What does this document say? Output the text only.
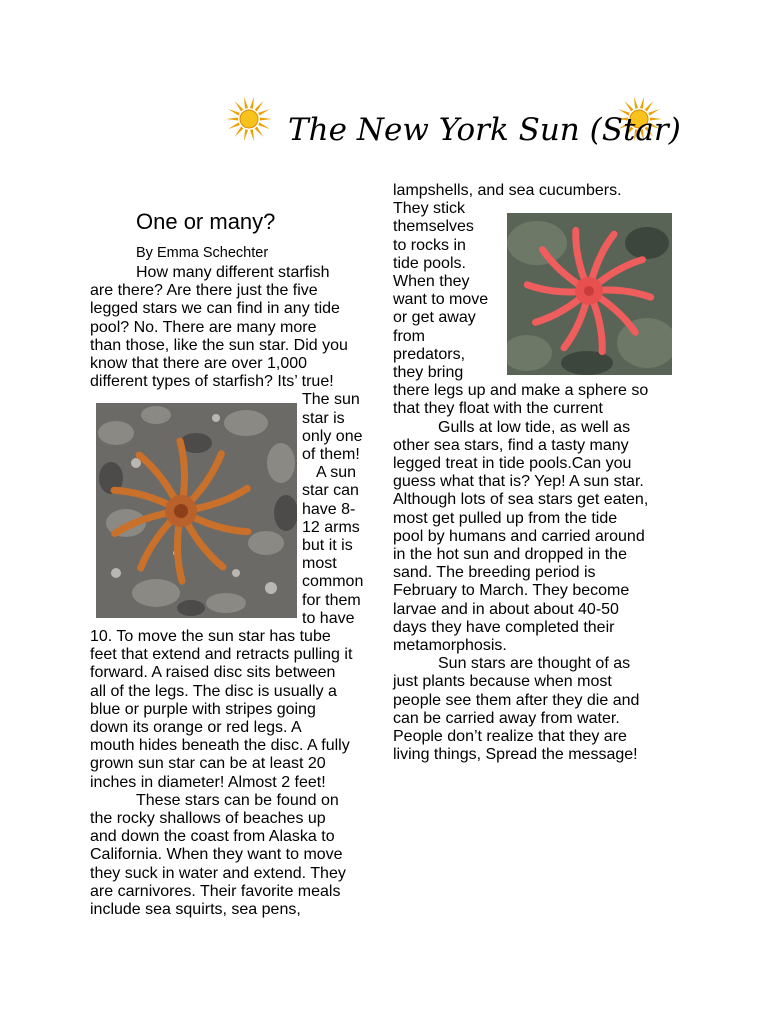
The New York Sun (Star)
One or many?
By Emma Schechter
How many different starfish
are there? Are there just the five
legged stars we can find in any tide
pool? No. There are many more
than those, like the sun star. Did you
know that there are over 1,000
different types of starfish? Its’ true!
The sun
star is
only one
of them!
A sun
star can
have 8-
12 arms
but it is
most
common
for them
to have
10. To move the sun star has tube
feet that extend and retracts pulling it
forward. A raised disc sits between
all of the legs. The disc is usually a
blue or purple with stripes going
down its orange or red legs. A
mouth hides beneath the disc. A fully
grown sun star can be at least 20
inches in diameter! Almost 2 feet!
These stars can be found on
the rocky shallows of beaches up
and down the coast from Alaska to
California. When they want to move
they suck in water and extend. They
are carnivores. Their favorite meals
include sea squirts, sea pens,
lampshells, and sea cucumbers.
They stick
themselves
to rocks in
tide pools.
When they
want to move
or get away
from
predators,
they bring
there legs up and make a sphere so
that they float with the current
Gulls at low tide, as well as
other sea stars, find a tasty many
legged treat in tide pools.Can you
guess what that is? Yep! A sun star.
Although lots of sea stars get eaten,
most get pulled up from the tide
pool by humans and carried around
in the hot sun and dropped in the
sand. The breeding period is
February to March. They become
larvae and in about about 40-50
days they have completed their
metamorphosis.
Sun stars are thought of as
just plants because when most
people see them after they die and
can be carried away from water.
People don’t realize that they are
living things, Spread the message!
